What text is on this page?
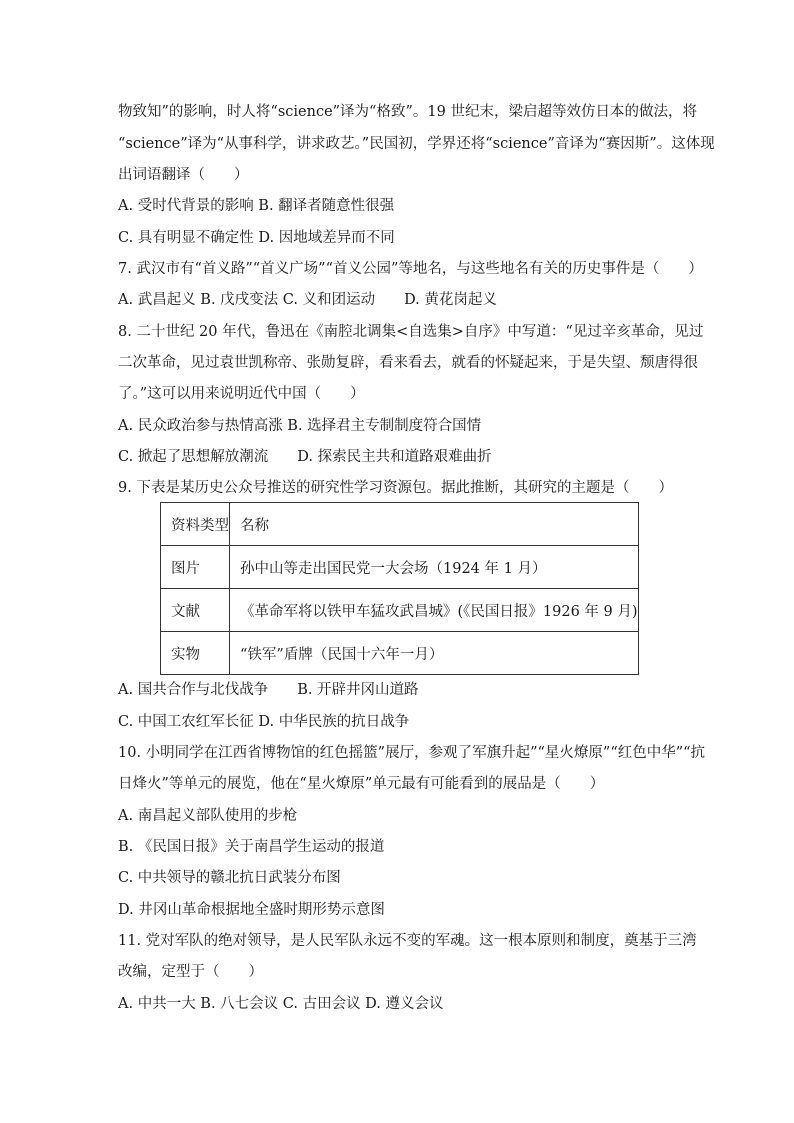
物致知”的影响，时人将“science”译为“格致”。19 世纪末，梁启超等效仿日本的做法，将
“science”译为“从事科学，讲求政艺。”民国初，学界还将“science”音译为“赛因斯”。这体现
出词语翻译（　　）
A. 受时代背景的影响 B. 翻译者随意性很强
C. 具有明显不确定性 D. 因地域差异而不同
7. 武汉市有“首义路”“首义广场”“首义公园”等地名，与这些地名有关的历史事件是（　　）
A. 武昌起义 B. 戊戌变法 C. 义和团运动　　D. 黄花岗起义
8. 二十世纪 20 年代，鲁迅在《南腔北调集<自选集>自序》中写道：“见过辛亥革命，见过
二次革命，见过袁世凯称帝、张勋复辟，看来看去，就看的怀疑起来，于是失望、颓唐得很
了。”这可以用来说明近代中国（　　）
A. 民众政治参与热情高涨 B. 选择君主专制制度符合国情
C. 掀起了思想解放潮流　　D. 探索民主共和道路艰难曲折
9. 下表是某历史公众号推送的研究性学习资源包。据此推断，其研究的主题是（　　）
资料类型	名称
图片	孙中山等走出国民党一大会场（1924 年 1 月）
文献	《革命军将以铁甲车猛攻武昌城》(《民国日报》1926 年 9 月)
实物	“铁军”盾牌（民国十六年一月）
A. 国共合作与北伐战争　　B. 开辟井冈山道路
C. 中国工农红军长征 D. 中华民族的抗日战争
10. 小明同学在江西省博物馆的红色摇篮”展厅，参观了军旗升起”“星火燎原”“红色中华”“抗
日烽火”等单元的展览，他在“星火燎原”单元最有可能看到的展品是（　　）
A. 南昌起义部队使用的步枪
B. 《民国日报》关于南昌学生运动的报道
C. 中共领导的赣北抗日武装分布图
D. 井冈山革命根据地全盛时期形势示意图
11. 党对军队的绝对领导，是人民军队永远不变的军魂。这一根本原则和制度，奠基于三湾
改编，定型于（　　）
A. 中共一大 B. 八七会议 C. 古田会议 D. 遵义会议
